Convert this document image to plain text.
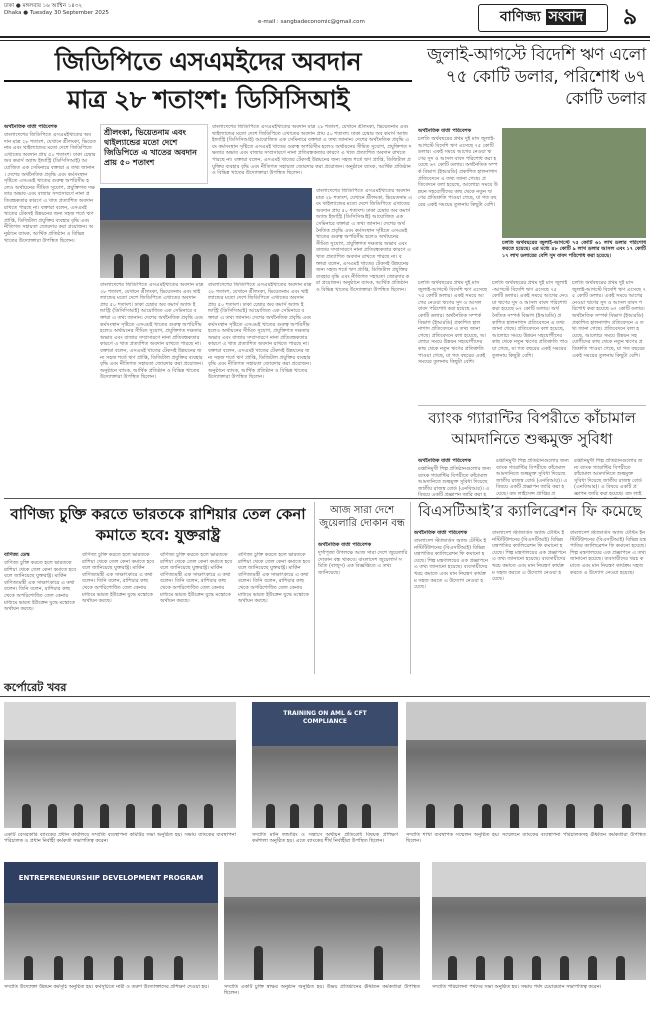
ঢাকা ● মঙ্গলবার ১৬ আশ্বিন ১৪৩২
Dhaka ● Tuesday 30 September 2025
e-mail : sangbadeconomic@gmail.com	বাণিজ্য সংবাদ	৯
জিডিপিতে এসএমইদের অবদান
মাত্র ২৮ শতাংশ: ডিসিসিআই
জুলাই-আগস্টে বিদেশি ঋণ এলো ৭৫ কোটি ডলার, পরিশোধ ৬৭ কোটি ডলার
অর্থনৈতিক বার্তা পরিবেশক
বাংলাদেশের জিডিপিতে এসএমইখাতের অবদান মাত্র ২৮ শতাংশ, যেখানে শ্রীলংকা, ভিয়েতনাম এবং থাইল্যান্ডের মতো দেশে জিডিপিতে এখাতের অবদান প্রায় ৫০ শতাংশ। ঢাকা চেম্বার অব কমার্স অ্যান্ড ইন্ডাস্ট্রি (ডিসিসিআই) আয়োজিত এক সেমিনারে বক্তারা এ তথ্য জানান। দেশের অর্থনৈতিক প্রবৃদ্ধি এবং কর্মসংস্থান সৃষ্টিতে এসএমই খাতের গুরুত্ব অপরিসীম হলেও অর্থায়নের সীমিত সুযোগ, প্রযুক্তিগত দক্ষতার অভাব এবং বাজার সম্প্রসারণে নানা প্রতিবন্ধকতার কারণে এ খাত প্রত্যাশিত অবদান রাখতে পারছে না। বক্তারা বলেন, এসএমই খাতের টেকসই উন্নয়নের জন্য সহজ শর্তে ঋণ প্রাপ্তি, ডিজিটাল প্রযুক্তির ব্যবহার বৃদ্ধি এবং নীতিগত সহায়তা জোরদার করা প্রয়োজন। অনুষ্ঠানে ব্যাংক, আর্থিক প্রতিষ্ঠান ও বিভিন্ন খাতের উদ্যোক্তারা উপস্থিত ছিলেন।
শ্রীলংকা, ভিয়েতনাম এবং থাইল্যান্ডের মতো দেশে জিডিপিতে এ খাতের অবদান প্রায় ৫০ শতাংশ
বাংলাদেশের জিডিপিতে এসএমইখাতের অবদান মাত্র ২৮ শতাংশ, যেখানে শ্রীলংকা, ভিয়েতনাম এবং থাইল্যান্ডের মতো দেশে জিডিপিতে এখাতের অবদান প্রায় ৫০ শতাংশ। ঢাকা চেম্বার অব কমার্স অ্যান্ড ইন্ডাস্ট্রি (ডিসিসিআই) আয়োজিত এক সেমিনারে বক্তারা এ তথ্য জানান। দেশের অর্থনৈতিক প্রবৃদ্ধি এবং কর্মসংস্থান সৃষ্টিতে এসএমই খাতের গুরুত্ব অপরিসীম হলেও অর্থায়নের সীমিত সুযোগ, প্রযুক্তিগত দক্ষতার অভাব এবং বাজার সম্প্রসারণে নানা প্রতিবন্ধকতার কারণে এ খাত প্রত্যাশিত অবদান রাখতে পারছে না। বক্তারা বলেন, এসএমই খাতের টেকসই উন্নয়নের জন্য সহজ শর্তে ঋণ প্রাপ্তি, ডিজিটাল প্রযুক্তির ব্যবহার বৃদ্ধি এবং নীতিগত সহায়তা জোরদার করা প্রয়োজন। অনুষ্ঠানে ব্যাংক, আর্থিক প্রতিষ্ঠান ও বিভিন্ন খাতের উদ্যোক্তারা উপস্থিত ছিলেন।
বাংলাদেশের জিডিপিতে এসএমইখাতের অবদান মাত্র ২৮ শতাংশ, যেখানে শ্রীলংকা, ভিয়েতনাম এবং থাইল্যান্ডের মতো দেশে জিডিপিতে এখাতের অবদান প্রায় ৫০ শতাংশ। ঢাকা চেম্বার অব কমার্স অ্যান্ড ইন্ডাস্ট্রি (ডিসিসিআই) আয়োজিত এক সেমিনারে বক্তারা এ তথ্য জানান। দেশের অর্থনৈতিক প্রবৃদ্ধি এবং কর্মসংস্থান সৃষ্টিতে এসএমই খাতের গুরুত্ব অপরিসীম হলেও অর্থায়নের সীমিত সুযোগ, প্রযুক্তিগত দক্ষতার অভাব এবং বাজার সম্প্রসারণে নানা প্রতিবন্ধকতার কারণে এ খাত প্রত্যাশিত অবদান রাখতে পারছে না। বক্তারা বলেন, এসএমই খাতের টেকসই উন্নয়নের জন্য সহজ শর্তে ঋণ প্রাপ্তি, ডিজিটাল প্রযুক্তির ব্যবহার বৃদ্ধি এবং নীতিগত সহায়তা জোরদার করা প্রয়োজন। অনুষ্ঠানে ব্যাংক, আর্থিক প্রতিষ্ঠান ও বিভিন্ন খাতের উদ্যোক্তারা উপস্থিত ছিলেন।
বাংলাদেশের জিডিপিতে এসএমইখাতের অবদান মাত্র ২৮ শতাংশ, যেখানে শ্রীলংকা, ভিয়েতনাম এবং থাইল্যান্ডের মতো দেশে জিডিপিতে এখাতের অবদান প্রায় ৫০ শতাংশ। ঢাকা চেম্বার অব কমার্স অ্যান্ড ইন্ডাস্ট্রি (ডিসিসিআই) আয়োজিত এক সেমিনারে বক্তারা এ তথ্য জানান। দেশের অর্থনৈতিক প্রবৃদ্ধি এবং কর্মসংস্থান সৃষ্টিতে এসএমই খাতের গুরুত্ব অপরিসীম হলেও অর্থায়নের সীমিত সুযোগ, প্রযুক্তিগত দক্ষতার অভাব এবং বাজার সম্প্রসারণে নানা প্রতিবন্ধকতার কারণে এ খাত প্রত্যাশিত অবদান রাখতে পারছে না। বক্তারা বলেন, এসএমই খাতের টেকসই উন্নয়নের জন্য সহজ শর্তে ঋণ প্রাপ্তি, ডিজিটাল প্রযুক্তির ব্যবহার বৃদ্ধি এবং নীতিগত সহায়তা জোরদার করা প্রয়োজন। অনুষ্ঠানে ব্যাংক, আর্থিক প্রতিষ্ঠান ও বিভিন্ন খাতের উদ্যোক্তারা উপস্থিত ছিলেন।
বাংলাদেশের জিডিপিতে এসএমইখাতের অবদান মাত্র ২৮ শতাংশ, যেখানে শ্রীলংকা, ভিয়েতনাম এবং থাইল্যান্ডের মতো দেশে জিডিপিতে এখাতের অবদান প্রায় ৫০ শতাংশ। ঢাকা চেম্বার অব কমার্স অ্যান্ড ইন্ডাস্ট্রি (ডিসিসিআই) আয়োজিত এক সেমিনারে বক্তারা এ তথ্য জানান। দেশের অর্থনৈতিক প্রবৃদ্ধি এবং কর্মসংস্থান সৃষ্টিতে এসএমই খাতের গুরুত্ব অপরিসীম হলেও অর্থায়নের সীমিত সুযোগ, প্রযুক্তিগত দক্ষতার অভাব এবং বাজার সম্প্রসারণে নানা প্রতিবন্ধকতার কারণে এ খাত প্রত্যাশিত অবদান রাখতে পারছে না। বক্তারা বলেন, এসএমই খাতের টেকসই উন্নয়নের জন্য সহজ শর্তে ঋণ প্রাপ্তি, ডিজিটাল প্রযুক্তির ব্যবহার বৃদ্ধি এবং নীতিগত সহায়তা জোরদার করা প্রয়োজন। অনুষ্ঠানে ব্যাংক, আর্থিক প্রতিষ্ঠান ও বিভিন্ন খাতের উদ্যোক্তারা উপস্থিত ছিলেন।
অর্থনৈতিক বার্তা পরিবেশক
চলতি অর্থবছরের প্রথম দুই মাস জুলাই-আগস্টে বিদেশি ঋণ এসেছে ৭৫ কোটি ডলার। একই সময়ে আগের নেওয়া ঋণের সুদ ও আসল বাবদ পরিশোধ করা হয়েছে ৬৭ কোটি ডলার। অর্থনৈতিক সম্পর্ক বিভাগ (ইআরডি) প্রকাশিত হালনাগাদ প্রতিবেদনে এ তথ্য জানা গেছে। প্রতিবেদনে বলা হয়েছে, আলোচ্য সময়ে উন্নয়ন সহযোগীদের কাছ থেকে নতুন ঋণের প্রতিশ্রুতি পাওয়া গেছে, যা গত বছরের একই সময়ের তুলনায় কিছুটা বেশি।
চলতি অর্থবছরের জুলাই-আগস্টে ৭৫ কোটি ৬১ লাখ ডলার পরিশোধ করতে হয়েছে। এর মধ্যে ৪৮ কোটি ৯ লাখ ডলার আসল এবং ১৭ কোটি ১৭ লাখ ডলারের বেশি সুদ বাবদ পরিশোধ করা হয়েছে।
চলতি অর্থবছরের প্রথম দুই মাস জুলাই-আগস্টে বিদেশি ঋণ এসেছে ৭৫ কোটি ডলার। একই সময়ে আগের নেওয়া ঋণের সুদ ও আসল বাবদ পরিশোধ করা হয়েছে ৬৭ কোটি ডলার। অর্থনৈতিক সম্পর্ক বিভাগ (ইআরডি) প্রকাশিত হালনাগাদ প্রতিবেদনে এ তথ্য জানা গেছে। প্রতিবেদনে বলা হয়েছে, আলোচ্য সময়ে উন্নয়ন সহযোগীদের কাছ থেকে নতুন ঋণের প্রতিশ্রুতি পাওয়া গেছে, যা গত বছরের একই সময়ের তুলনায় কিছুটা বেশি।
চলতি অর্থবছরের প্রথম দুই মাস জুলাই-আগস্টে বিদেশি ঋণ এসেছে ৭৫ কোটি ডলার। একই সময়ে আগের নেওয়া ঋণের সুদ ও আসল বাবদ পরিশোধ করা হয়েছে ৬৭ কোটি ডলার। অর্থনৈতিক সম্পর্ক বিভাগ (ইআরডি) প্রকাশিত হালনাগাদ প্রতিবেদনে এ তথ্য জানা গেছে। প্রতিবেদনে বলা হয়েছে, আলোচ্য সময়ে উন্নয়ন সহযোগীদের কাছ থেকে নতুন ঋণের প্রতিশ্রুতি পাওয়া গেছে, যা গত বছরের একই সময়ের তুলনায় কিছুটা বেশি।
চলতি অর্থবছরের প্রথম দুই মাস জুলাই-আগস্টে বিদেশি ঋণ এসেছে ৭৫ কোটি ডলার। একই সময়ে আগের নেওয়া ঋণের সুদ ও আসল বাবদ পরিশোধ করা হয়েছে ৬৭ কোটি ডলার। অর্থনৈতিক সম্পর্ক বিভাগ (ইআরডি) প্রকাশিত হালনাগাদ প্রতিবেদনে এ তথ্য জানা গেছে। প্রতিবেদনে বলা হয়েছে, আলোচ্য সময়ে উন্নয়ন সহযোগীদের কাছ থেকে নতুন ঋণের প্রতিশ্রুতি পাওয়া গেছে, যা গত বছরের একই সময়ের তুলনায় কিছুটা বেশি।
ব্যাংক গ্যারান্টির বিপরীতে কাঁচামাল আমদানিতে শুল্কমুক্ত সুবিধা
অর্থনৈতিক বার্তা পরিবেশক
রপ্তানিমুখী শিল্প প্রতিষ্ঠানগুলোর জন্য ব্যাংক গ্যারান্টির বিপরীতে কাঁচামাল আমদানিতে শুল্কমুক্ত সুবিধা দিয়েছে জাতীয় রাজস্ব বোর্ড (এনবিআর)। এ বিষয়ে একটি প্রজ্ঞাপন জারি করা হ
রপ্তানিমুখী শিল্প প্রতিষ্ঠানগুলোর জন্য ব্যাংক গ্যারান্টির বিপরীতে কাঁচামাল আমদানিতে শুল্কমুক্ত সুবিধা দিয়েছে জাতীয় রাজস্ব বোর্ড (এনবিআর)। এ বিষয়ে একটি প্রজ্ঞাপন জারি করা হয়েছে। বন্ড লাইসেন্স প্রাপ্তির প্র
রপ্তানিমুখী শিল্প প্রতিষ্ঠানগুলোর জন্য ব্যাংক গ্যারান্টির বিপরীতে কাঁচামাল আমদানিতে শুল্কমুক্ত সুবিধা দিয়েছে জাতীয় রাজস্ব বোর্ড (এনবিআর)। এ বিষয়ে একটি প্রজ্ঞাপন জারি করা হয়েছে। বন্ড লাই
বাণিজ্য চুক্তি করতে ভারতকে রাশিয়ার তেল কেনা কমাতে হবে: যুক্তরাষ্ট্র
বাণিজ্য ডেস্ক
বাণিজ্য চুক্তি করতে হলে ভারতকে রাশিয়া থেকে তেল কেনা কমাতে হবে বলে জানিয়েছে যুক্তরাষ্ট্র। মার্কিন বাণিজ্যমন্ত্রী এক সাক্ষাৎকারে এ কথা বলেন। তিনি বলেন, রাশিয়ার কাছ থেকে অপরিশোধিত তেল কেনার মাধ্যমে ভারত ইউক্রেন যুদ্ধে মস্কোকে অর্থায়ন করছে।
বাণিজ্য চুক্তি করতে হলে ভারতকে রাশিয়া থেকে তেল কেনা কমাতে হবে বলে জানিয়েছে যুক্তরাষ্ট্র। মার্কিন বাণিজ্যমন্ত্রী এক সাক্ষাৎকারে এ কথা বলেন। তিনি বলেন, রাশিয়ার কাছ থেকে অপরিশোধিত তেল কেনার মাধ্যমে ভারত ইউক্রেন যুদ্ধে মস্কোকে অর্থায়ন করছে।
বাণিজ্য চুক্তি করতে হলে ভারতকে রাশিয়া থেকে তেল কেনা কমাতে হবে বলে জানিয়েছে যুক্তরাষ্ট্র। মার্কিন বাণিজ্যমন্ত্রী এক সাক্ষাৎকারে এ কথা বলেন। তিনি বলেন, রাশিয়ার কাছ থেকে অপরিশোধিত তেল কেনার মাধ্যমে ভারত ইউক্রেন যুদ্ধে মস্কোকে অর্থায়ন করছে।
বাণিজ্য চুক্তি করতে হলে ভারতকে রাশিয়া থেকে তেল কেনা কমাতে হবে বলে জানিয়েছে যুক্তরাষ্ট্র। মার্কিন বাণিজ্যমন্ত্রী এক সাক্ষাৎকারে এ কথা বলেন। তিনি বলেন, রাশিয়ার কাছ থেকে অপরিশোধিত তেল কেনার মাধ্যমে ভারত ইউক্রেন যুদ্ধে মস্কোকে অর্থায়ন করছে।
আজ সারা দেশে জুয়েলারি দোকান বন্ধ
অর্থনৈতিক বার্তা পরিবেশক
দুর্গাপূজা উপলক্ষে আজ সারা দেশে জুয়েলারি দোকান বন্ধ থাকবে। বাংলাদেশ জুয়েলার্স সমিতি (বাজুস) এক বিজ্ঞপ্তিতে এ তথ্য জানিয়েছে।
বিএসটিআই’র ক্যালিব্রেশন ফি কমেছে
অর্থনৈতিক বার্তা পরিবেশক
বাংলাদেশ স্ট্যান্ডার্ডস অ্যান্ড টেস্টিং ইনস্টিটিউশনের (বিএসটিআই) বিভিন্ন যন্ত্রপাতির ক্যালিব্রেশন ফি কমানো হয়েছে। শিল্প মন্ত্রণালয়ের এক প্রজ্ঞাপনে এ তথ্য জানানো হয়েছে। ব্যবসায়ীদের খরচ কমাতে এবং মান নিয়ন্ত্রণ কার্যক্রম সহজ করতে এ উদ্যোগ নেওয়া হয়েছে।
বাংলাদেশ স্ট্যান্ডার্ডস অ্যান্ড টেস্টিং ইনস্টিটিউশনের (বিএসটিআই) বিভিন্ন যন্ত্রপাতির ক্যালিব্রেশন ফি কমানো হয়েছে। শিল্প মন্ত্রণালয়ের এক প্রজ্ঞাপনে এ তথ্য জানানো হয়েছে। ব্যবসায়ীদের খরচ কমাতে এবং মান নিয়ন্ত্রণ কার্যক্রম সহজ করতে এ উদ্যোগ নেওয়া হয়েছে।
বাংলাদেশ স্ট্যান্ডার্ডস অ্যান্ড টেস্টিং ইনস্টিটিউশনের (বিএসটিআই) বিভিন্ন যন্ত্রপাতির ক্যালিব্রেশন ফি কমানো হয়েছে। শিল্প মন্ত্রণালয়ের এক প্রজ্ঞাপনে এ তথ্য জানানো হয়েছে। ব্যবসায়ীদের খরচ কমাতে এবং মান নিয়ন্ত্রণ কার্যক্রম সহজ করতে এ উদ্যোগ নেওয়া হয়েছে।
কর্পোরেট খবর
একটি বেসরকারি ব্যাংকের প্রধান কার্যালয়ে সম্প্রতি ব্যবস্থাপনা কমিটির সভা অনুষ্ঠিত হয়। সভায় ব্যাংকের ব্যবস্থাপনা পরিচালক ও প্রধান নির্বাহী কর্মকর্তা সভাপতিত্ব করেন।
TRAINING ON AML & CFT COMPLIANCE
সম্প্রতি মানি লন্ডারিং ও সন্ত্রাসে অর্থায়ন প্রতিরোধ বিষয়ক প্রশিক্ষণ কর্মশালা অনুষ্ঠিত হয়। এতে ব্যাংকের শীর্ষ নির্বাহীরা উপস্থিত ছিলেন।
সম্প্রতি শাখা ব্যবস্থাপক সম্মেলন অনুষ্ঠিত হয়। সম্মেলনে ব্যাংকের ব্যবস্থাপনা পরিচালকসহ ঊর্ধ্বতন কর্মকর্তারা উপস্থিত ছিলেন।
ENTREPRENEURSHIP DEVELOPMENT PROGRAM
সম্প্রতি উদ্যোক্তা উন্নয়ন কর্মসূচি অনুষ্ঠিত হয়। কর্মসূচিতে নারী ও তরুণ উদ্যোক্তাদের প্রশিক্ষণ দেওয়া হয়।	সম্প্রতি একটি চুক্তি স্বাক্ষর অনুষ্ঠান অনুষ্ঠিত হয়। উভয় প্রতিষ্ঠানের ঊর্ধ্বতন কর্মকর্তারা উপস্থিত ছিলেন।
সম্প্রতি পরিচালনা পর্ষদের সভা অনুষ্ঠিত হয়। সভায় পর্ষদ চেয়ারম্যান সভাপতিত্ব করেন।
